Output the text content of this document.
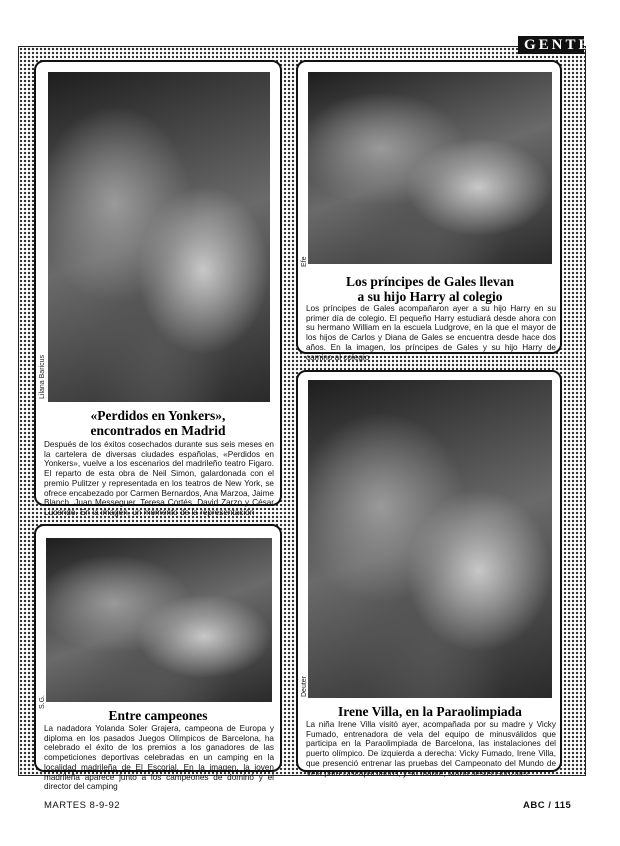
GENTE
Lilana Baricus
«Perdidos en Yonkers»,
encontrados en Madrid
Después de los éxitos cosechados durante sus seis meses en la cartelera de diversas ciudades españolas, «Perdidos en Yonkers», vuelve a los escenarios del madrileño teatro Figaro. El reparto de esta obra de Neil Simon, galardonada con el premio Pulitzer y representada en los teatros de New York, se ofrece encabezado por Carmen Bernardos, Ana Marzoa, Jaime Blanch, Juan Messeguer, Teresa Cortés, David Zarzo y César Lucendo. En la imagen, un momento de la representación
Efe
Los príncipes de Gales llevan
a su hijo Harry al colegio
Los príncipes de Gales acompañaron ayer a su hijo Harry en su primer día de colegio. El pequeño Harry estudiará desde ahora con su hermano William en la escuela Ludgrove, en la que el mayor de los hijos de Carlos y Diana de Gales se encuentra desde hace dos años. En la imagen, los príncipes de Gales y su hijo Harry de camino al colegio
S.G.
Entre campeones
La nadadora Yolanda Soler Grajera, campeona de Europa y diploma en los pasados Juegos Olímpicos de Barcelona, ha celebrado el éxito de los premios a los ganadores de las competiciones deportivas celebradas en un camping en la localidad madrileña de El Escorial. En la imagen, la joven madrileña aparece junto a los campeones de dominó y el director del camping
Deuter
Irene Villa, en la Paraolimpiada
La niña Irene Villa visitó ayer, acompañada por su madre y Vicky Fumado, entrenadora de vela del equipo de minusválidos que participa en la Paraolimpiada de Barcelona, las instalaciones del puerto olímpico. De izquierda a derecha: Vicky Fumado, Irene Villa, que presenció entrenar las pruebas del Campeonato del Mundo de Vela para Discapacitados, y su madre, María Jesús González
MARTES 8-9-92	ABC / 115
